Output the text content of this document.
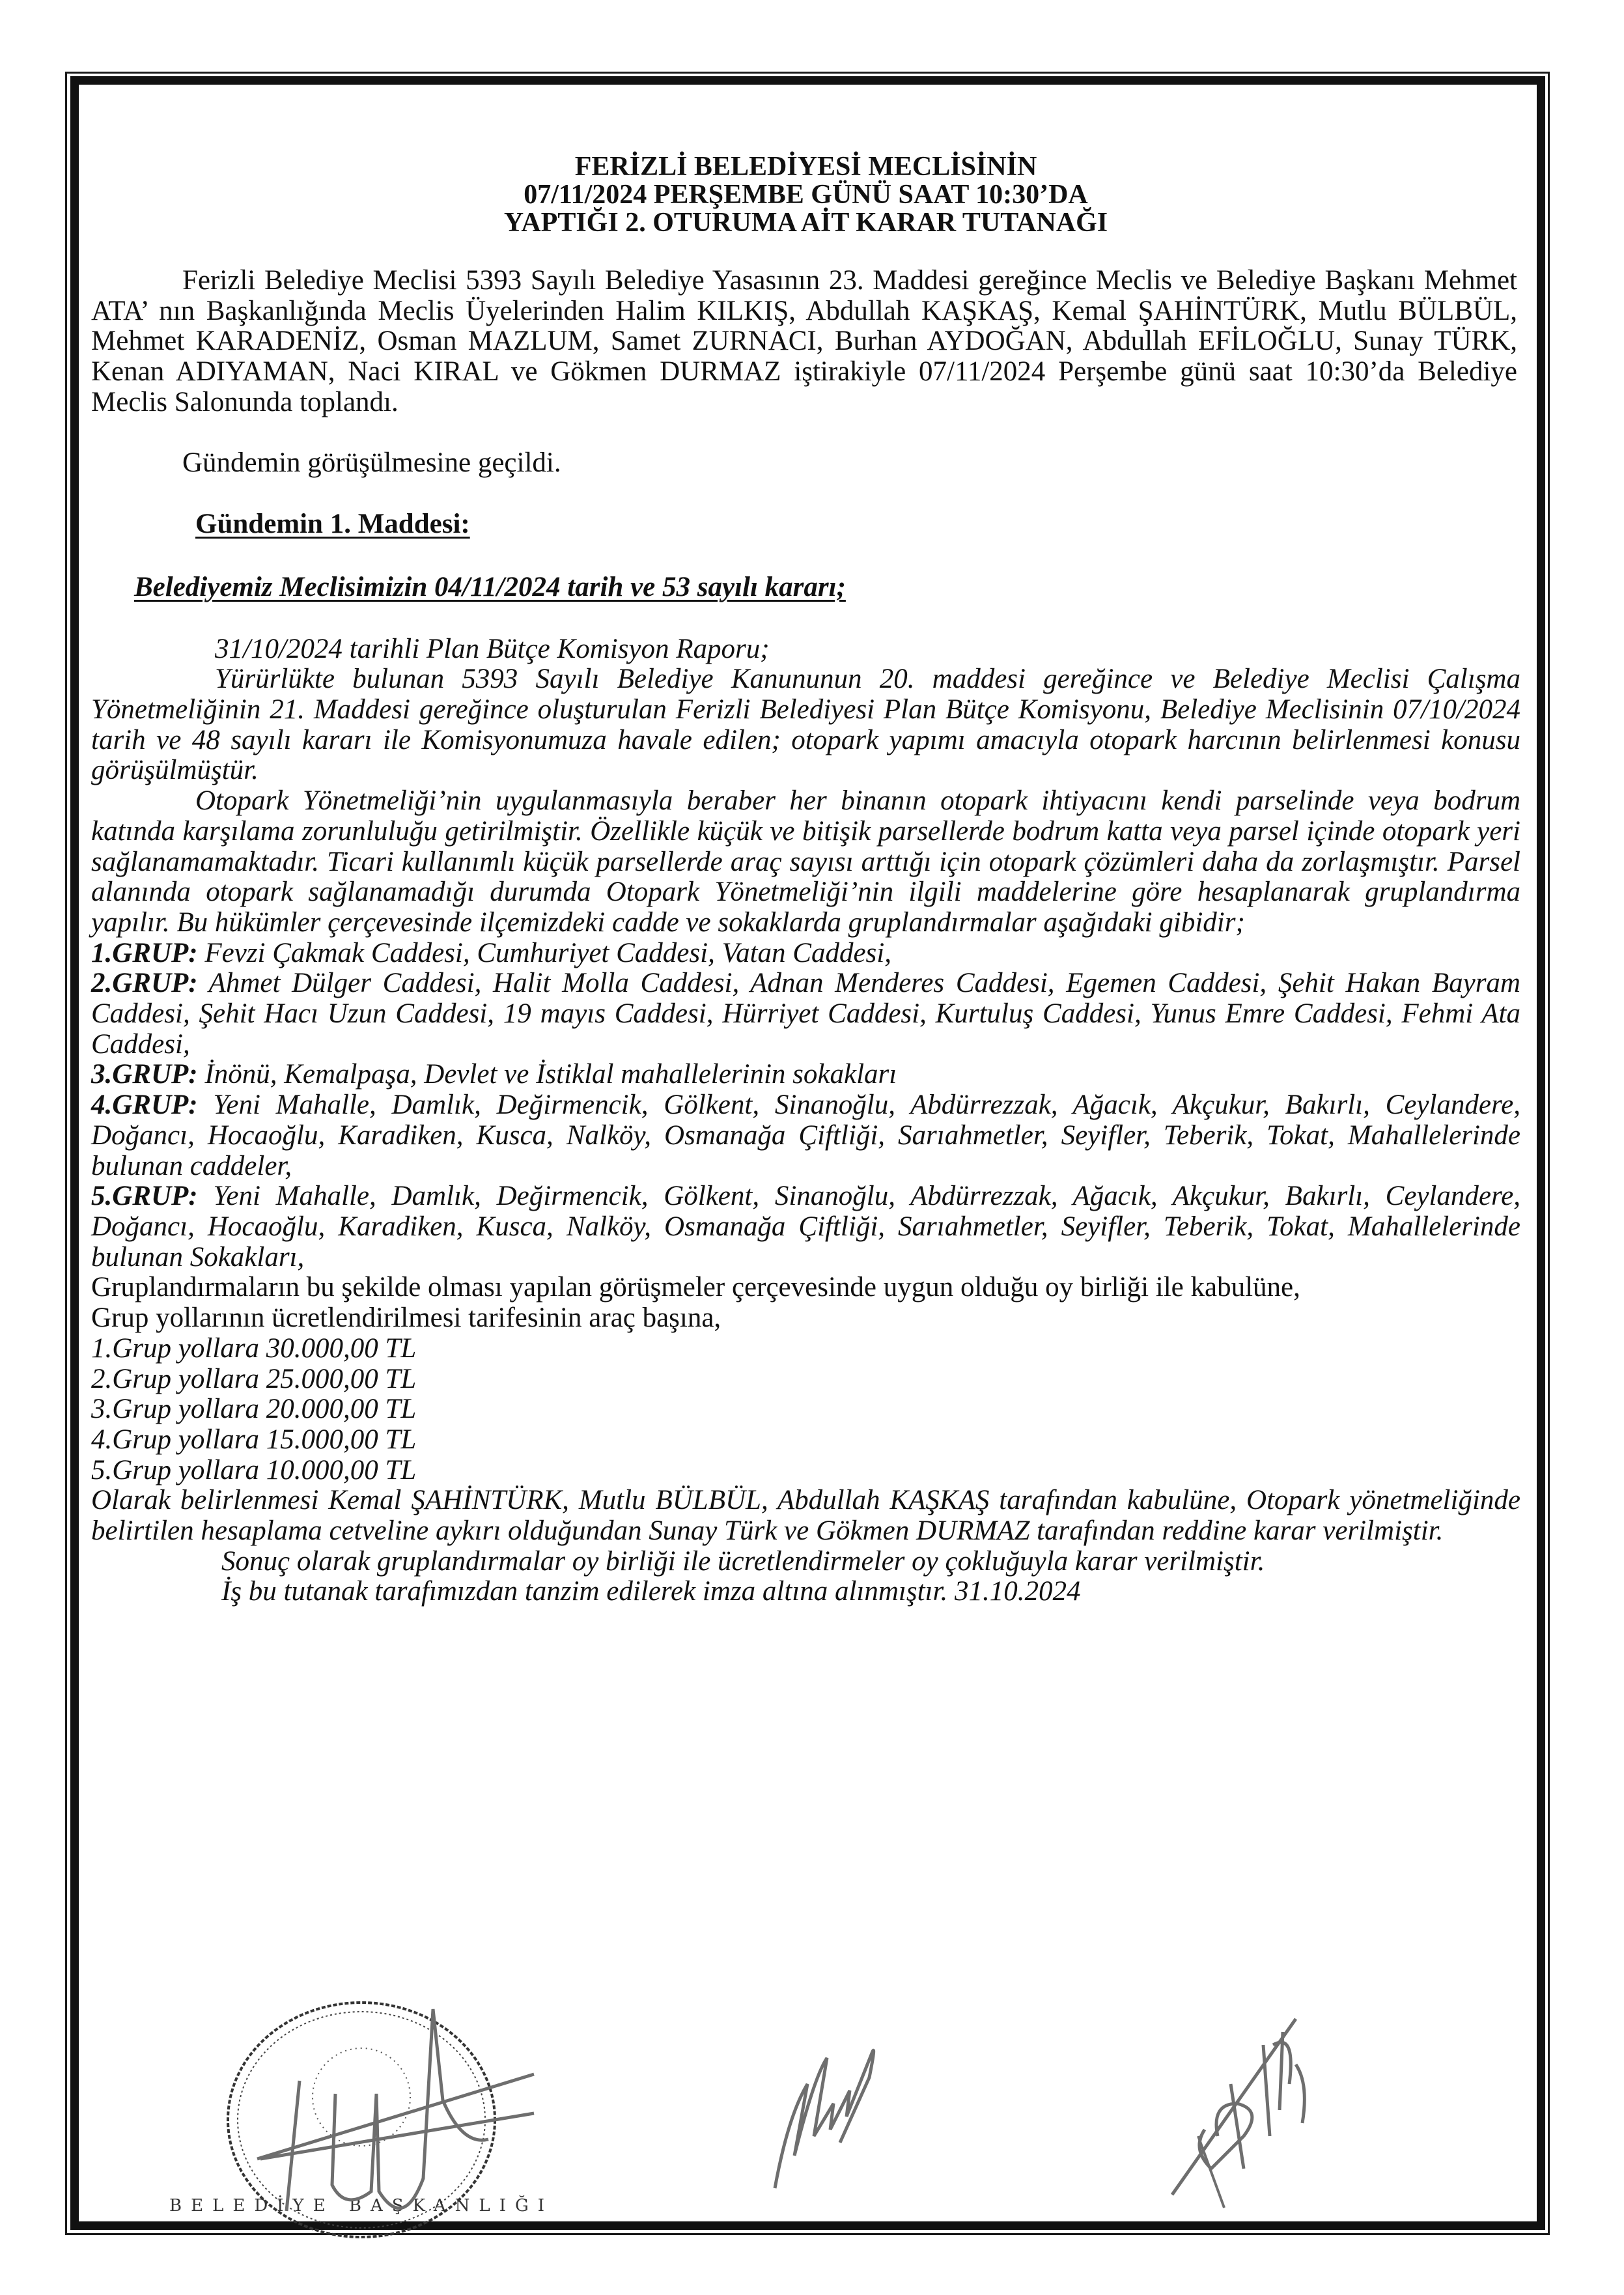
FERİZLİ BELEDİYESİ MECLİSİNİN
07/11/2024 PERŞEMBE GÜNÜ SAAT 10:30’DA
YAPTIĞI 2. OTURUMA AİT KARAR TUTANAĞI

Ferizli Belediye Meclisi 5393 Sayılı Belediye Yasasının 23. Maddesi gereğince Meclis ve Belediye Başkanı Mehmet ATA’ nın Başkanlığında Meclis Üyelerinden Halim KILKIŞ, Abdullah KAŞKAŞ, Kemal ŞAHİNTÜRK, Mutlu BÜLBÜL, Mehmet KARADENİZ, Osman MAZLUM, Samet ZURNACI, Burhan AYDOĞAN, Abdullah EFİLOĞLU, Sunay TÜRK, Kenan ADIYAMAN, Naci KIRAL ve Gökmen DURMAZ iştirakiyle 07/11/2024 Perşembe günü saat 10:30’da Belediye Meclis Salonunda toplandı.

Gündemin görüşülmesine geçildi.
Gündemin 1. Maddesi:
Belediyemiz Meclisimizin 04/11/2024 tarih ve 53 sayılı kararı;
31/10/2024 tarihli Plan Bütçe Komisyon Raporu;

Yürürlükte bulunan 5393 Sayılı Belediye Kanununun 20. maddesi gereğince ve Belediye Meclisi Çalışma Yönetmeliğinin 21. Maddesi gereğince oluşturulan Ferizli Belediyesi Plan Bütçe Komisyonu, Belediye Meclisinin 07/10/2024 tarih ve 48 sayılı kararı ile Komisyonumuza havale edilen; otopark yapımı amacıyla otopark harcının belirlenmesi konusu görüşülmüştür.

Otopark Yönetmeliği’nin uygulanmasıyla beraber her binanın otopark ihtiyacını kendi parselinde veya bodrum katında karşılama zorunluluğu getirilmiştir. Özellikle küçük ve bitişik parsellerde bodrum katta veya parsel içinde otopark yeri sağlanamamaktadır. Ticari kullanımlı küçük parsellerde araç sayısı arttığı için otopark çözümleri daha da zorlaşmıştır. Parsel alanında otopark sağlanamadığı durumda Otopark Yönetmeliği’nin ilgili maddelerine göre hesaplanarak gruplandırma yapılır. Bu hükümler çerçevesinde ilçemizdeki cadde ve sokaklarda gruplandırmalar aşağıdaki gibidir;

1.GRUP: Fevzi Çakmak Caddesi, Cumhuriyet Caddesi, Vatan Caddesi,
2.GRUP: Ahmet Dülger Caddesi, Halit Molla Caddesi, Adnan Menderes Caddesi, Egemen Caddesi, Şehit Hakan Bayram Caddesi, Şehit Hacı Uzun Caddesi, 19 mayıs Caddesi, Hürriyet Caddesi, Kurtuluş Caddesi, Yunus Emre Caddesi, Fehmi Ata Caddesi,
3.GRUP: İnönü, Kemalpaşa, Devlet ve İstiklal mahallelerinin sokakları
4.GRUP: Yeni Mahalle, Damlık, Değirmencik, Gölkent, Sinanoğlu, Abdürrezzak, Ağacık, Akçukur, Bakırlı, Ceylandere, Doğancı, Hocaoğlu, Karadiken, Kusca, Nalköy, Osmanağa Çiftliği, Sarıahmetler, Seyifler, Teberik, Tokat, Mahallelerinde bulunan caddeler,
5.GRUP: Yeni Mahalle, Damlık, Değirmencik, Gölkent, Sinanoğlu, Abdürrezzak, Ağacık, Akçukur, Bakırlı, Ceylandere, Doğancı, Hocaoğlu, Karadiken, Kusca, Nalköy, Osmanağa Çiftliği, Sarıahmetler, Seyifler, Teberik, Tokat, Mahallelerinde bulunan Sokakları,
Gruplandırmaların bu şekilde olması yapılan görüşmeler çerçevesinde uygun olduğu oy birliği ile kabulüne,
Grup yollarının ücretlendirilmesi tarifesinin araç başına,
1.Grup yollara 30.000,00 TL
2.Grup yollara 25.000,00 TL
3.Grup yollara 20.000,00 TL
4.Grup yollara 15.000,00 TL
5.Grup yollara 10.000,00 TL

Olarak belirlenmesi Kemal ŞAHİNTÜRK, Mutlu BÜLBÜL, Abdullah KAŞKAŞ tarafından kabulüne, Otopark yönetmeliğinde belirtilen hesaplama cetveline aykırı olduğundan Sunay Türk ve Gökmen DURMAZ tarafından reddine karar verilmiştir.

Sonuç olarak gruplandırmalar oy birliği ile ücretlendirmeler oy çokluğuyla karar verilmiştir.
İş bu tutanak tarafımızdan tanzim edilerek imza altına alınmıştır. 31.10.2024
BELEDİYE BAŞKANLIĞI
